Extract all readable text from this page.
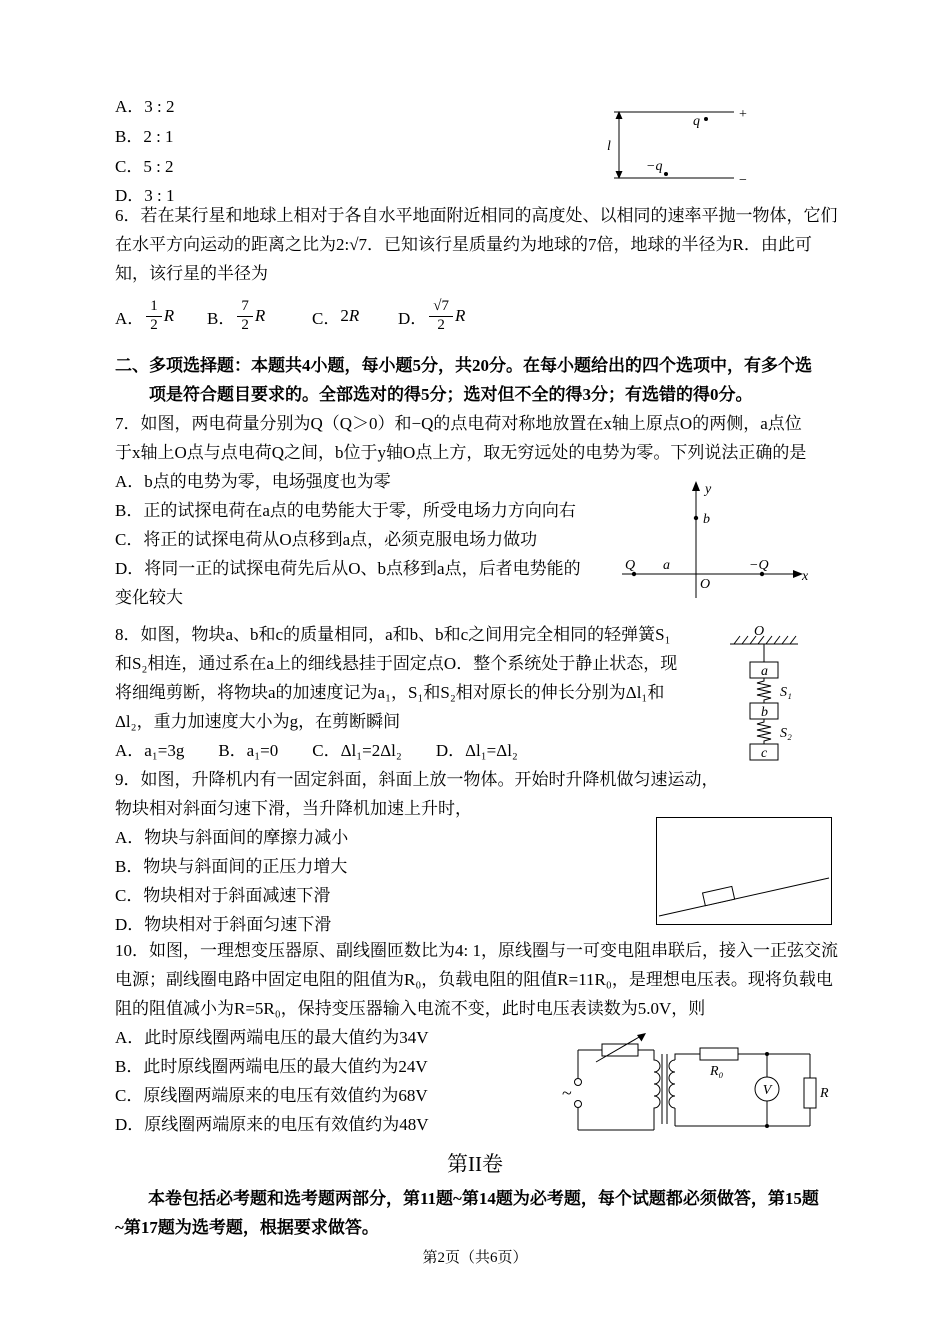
A．3 : 2
B．2 : 1
C．5 : 2
D．3 : 1
+
q
l
−q
−
6．若在某行星和地球上相对于各自水平地面附近相同的高度处、以相同的速率平抛一物体，它们
在水平方向运动的距离之比为2:√7．已知该行星质量约为地球的7倍，地球的半径为R．由此可
知，该行星的半径为
A． $\frac{1}{2}$ R B． $\frac{7}{2}$ R	C． 2 R D． $\frac{√7}{2}$ R
二、多项选择题：本题共4小题，每小题5分，共20分。在每小题给出的四个选项中，有多个选
项是符合题目要求的。全部选对的得5分；选对但不全的得3分；有选错的得0分。
7．如图，两电荷量分别为Q（Q＞0）和−Q的点电荷对称地放置在x轴上原点O的两侧，a点位
于x轴上O点与点电荷Q之间，b位于y轴O点上方，取无穷远处的电势为零。下列说法正确的是
A．b点的电势为零，电场强度也为零
B．正的试探电荷在a点的电势能大于零，所受电场力方向向右
C．将正的试探电荷从O点移到a点，必须克服电场力做功
D．将同一正的试探电荷先后从O、b点移到a点，后者电势能的
变化较大
y
b
x
Q a
O
−Q
8．如图，物块a、b和c的质量相同，a和b、b和c之间用完全相同的轻弹簧S₁
和S₂相连，通过系在a上的细线悬挂于固定点O．整个系统处于静止状态，现
将细绳剪断，将物块a的加速度记为a₁，S₁和S₂相对原长的伸长分别为Δl₁和
Δl₂，重力加速度大小为g，在剪断瞬间
A．a₁=3g　　B．a₁=0　　C．Δl₁=2Δl₂　　D．Δl₁=Δl₂
O
a
S₁
b
S₂
c
9．如图，升降机内有一固定斜面，斜面上放一物体。开始时升降机做匀速运动，
物块相对斜面匀速下滑，当升降机加速上升时，
A．物块与斜面间的摩擦力减小
B．物块与斜面间的正压力增大
C．物块相对于斜面减速下滑
D．物块相对于斜面匀速下滑
10．如图，一理想变压器原、副线圈匝数比为4: 1，原线圈与一可变电阻串联后，接入一正弦交流
电源；副线圈电路中固定电阻的阻值为R₀，负载电阻的阻值R=11R₀，是理想电压表。现将负载电
阻的阻值减小为R=5R₀，保持变压器输入电流不变，此时电压表读数为5.0V，则
A．此时原线圈两端电压的最大值约为34V
B．此时原线圈两端电压的最大值约为24V
C．原线圈两端原来的电压有效值约为68V
D．原线圈两端原来的电压有效值约为48V
~
R₀
V	R
第II卷
本卷包括必考题和选考题两部分，第11题~第14题为必考题，每个试题都必须做答，第15题
~第17题为选考题，根据要求做答。
第2页（共6页）
